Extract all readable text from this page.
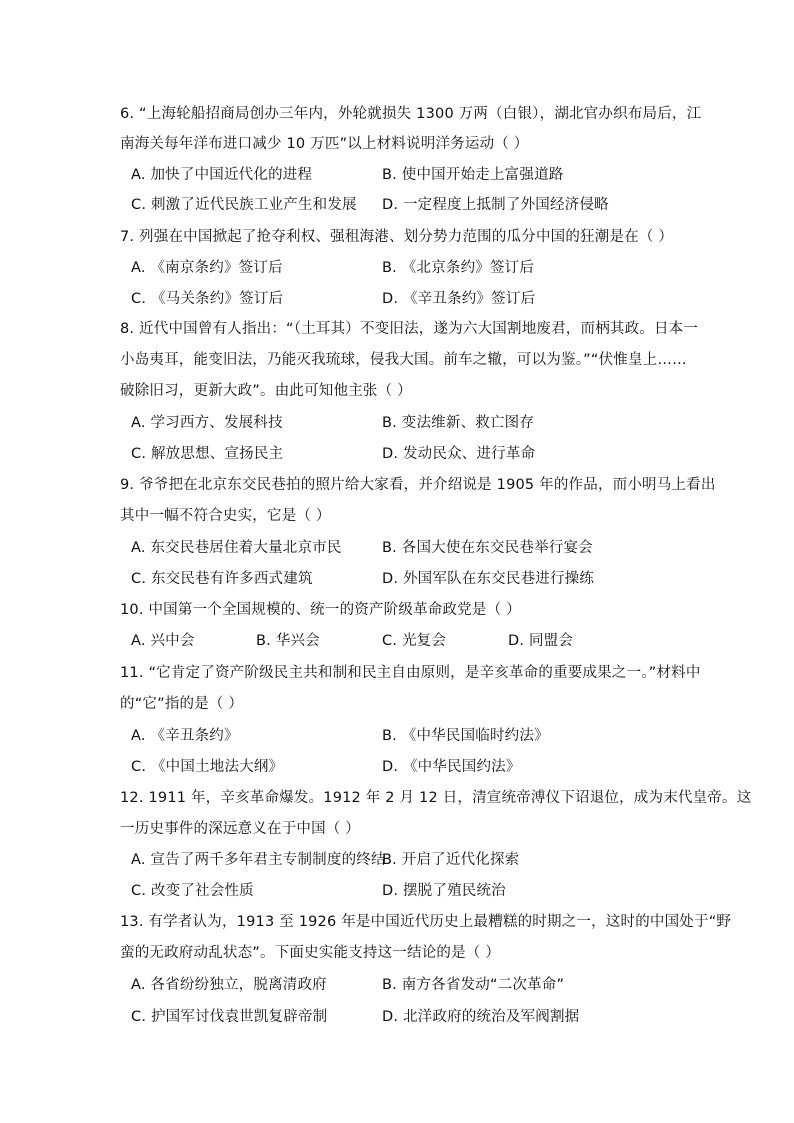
6. “上海轮船招商局创办三年内，外轮就损失 1300 万两（白银），湖北官办织布局后，江
南海关每年洋布进口减少 10 万匹”以上材料说明洋务运动（ ）
A. 加快了中国近代化的进程	B. 使中国开始走上富强道路
C. 刺激了近代民族工业产生和发展 D. 一定程度上抵制了外国经济侵略
7. 列强在中国掀起了抢夺利权、强租海港、划分势力范围的瓜分中国的狂潮是在（ ）
A. 《南京条约》签订后	B. 《北京条约》签订后
C. 《马关条约》签订后	D. 《辛丑条约》签订后
8. 近代中国曾有人指出：“（土耳其）不变旧法，遂为六大国割地废君，而柄其政。日本一
小岛夷耳，能变旧法，乃能灭我琉球，侵我大国。前车之辙，可以为鉴。”“伏惟皇上……
破除旧习，更新大政”。由此可知他主张（ ）
A. 学习西方、发展科技	B. 变法维新、救亡图存
C. 解放思想、宣扬民主	D. 发动民众、进行革命
9. 爷爷把在北京东交民巷拍的照片给大家看，并介绍说是 1905 年的作品，而小明马上看出
其中一幅不符合史实，它是（ ）
A. 东交民巷居住着大量北京市民	B. 各国大使在东交民巷举行宴会
C. 东交民巷有许多西式建筑	D. 外国军队在东交民巷进行操练
10. 中国第一个全国规模的、统一的资产阶级革命政党是（ ）
A. 兴中会	B. 华兴会	C. 光复会	D. 同盟会
11. “它肯定了资产阶级民主共和制和民主自由原则，是辛亥革命的重要成果之一。”材料中
的“它”指的是（ ）
A. 《辛丑条约》	B. 《中华民国临时约法》
C. 《中国土地法大纲》	D. 《中华民国约法》
12. 1911 年，辛亥革命爆发。1912 年 2 月 12 日，清宣统帝溥仪下诏退位，成为末代皇帝。这
一历史事件的深远意义在于中国（ ）
A. 宣告了两千多年君主专制制度的终结
B. 开启了近代化探索
C. 改变了社会性质	D. 摆脱了殖民统治
13. 有学者认为，1913 至 1926 年是中国近代历史上最糟糕的时期之一，这时的中国处于“野
蛮的无政府动乱状态”。下面史实能支持这一结论的是（ ）
A. 各省纷纷独立，脱离清政府	B. 南方各省发动“二次革命”
C. 护国军讨伐袁世凯复辟帝制	D. 北洋政府的统治及军阀割据
